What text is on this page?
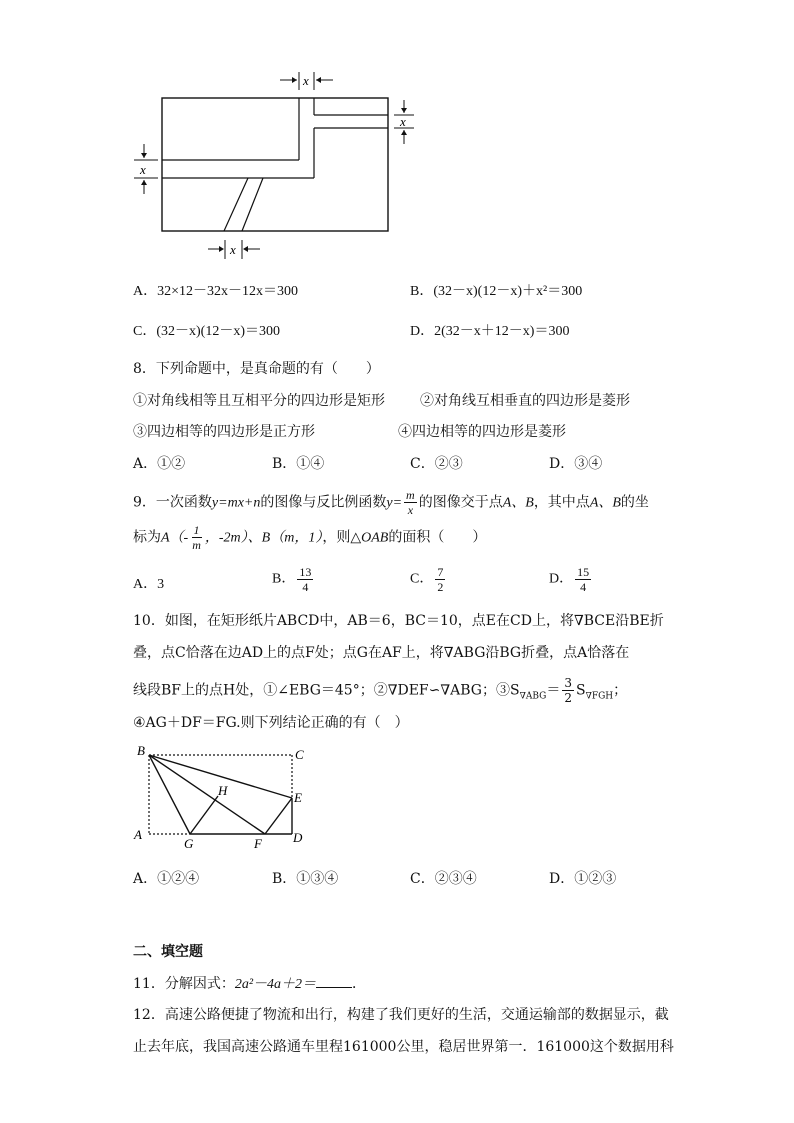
x
x
x
x
A．32×12－32x－12x＝300	B．(32－x)(12－x)＋x²＝300
C．(32－x)(12－x)＝300	D．2(32－x＋12－x)＝300
8．下列命题中，是真命题的有（　　）
①对角线相等且互相平分的四边形是矩形	②对角线互相垂直的四边形是菱形
③四边相等的四边形是正方形	④四边相等的四边形是菱形
A．①②	B．①④	C．②③	D．③④
9．一次函数y=mx+n的图像与反比例函数$y= \frac{m}{x}$ 的图像交于点A、B，其中点A、B的坐
标为$A(- \frac{1}{m}$ ，-2m）、B（m，1），则△OAB的面积（　　）
A．3	B． $\frac{13}{4}$	C． $\frac{7}{2}$	D． $\frac{15}{4}$
10．如图，在矩形纸片ABCD中，AB＝6，BC＝10，点E在CD上，将∇BCE沿BE折
叠，点C恰落在边AD上的点F处；点G在AF上，将∇ABG沿BG折叠，点A恰落在
线段BF上的点H处，①∠EBG＝45°；②∇DEF∽∇ABG；$③S_{\nabla ABG}= \frac{3}{2} S_{\nabla FGH}$；
④AG＋DF＝FG.则下列结论正确的有（　）
B	C
H	E
A
G	F D
A．①②④	B．①③④	C．②③④	D．①②③
二、填空题
11．分解因式：2a²－4a＋2＝	．
12．高速公路便捷了物流和出行，构建了我们更好的生活，交通运输部的数据显示，截
止去年底，我国高速公路通车里程161000公里，稳居世界第一．161000这个数据用科
